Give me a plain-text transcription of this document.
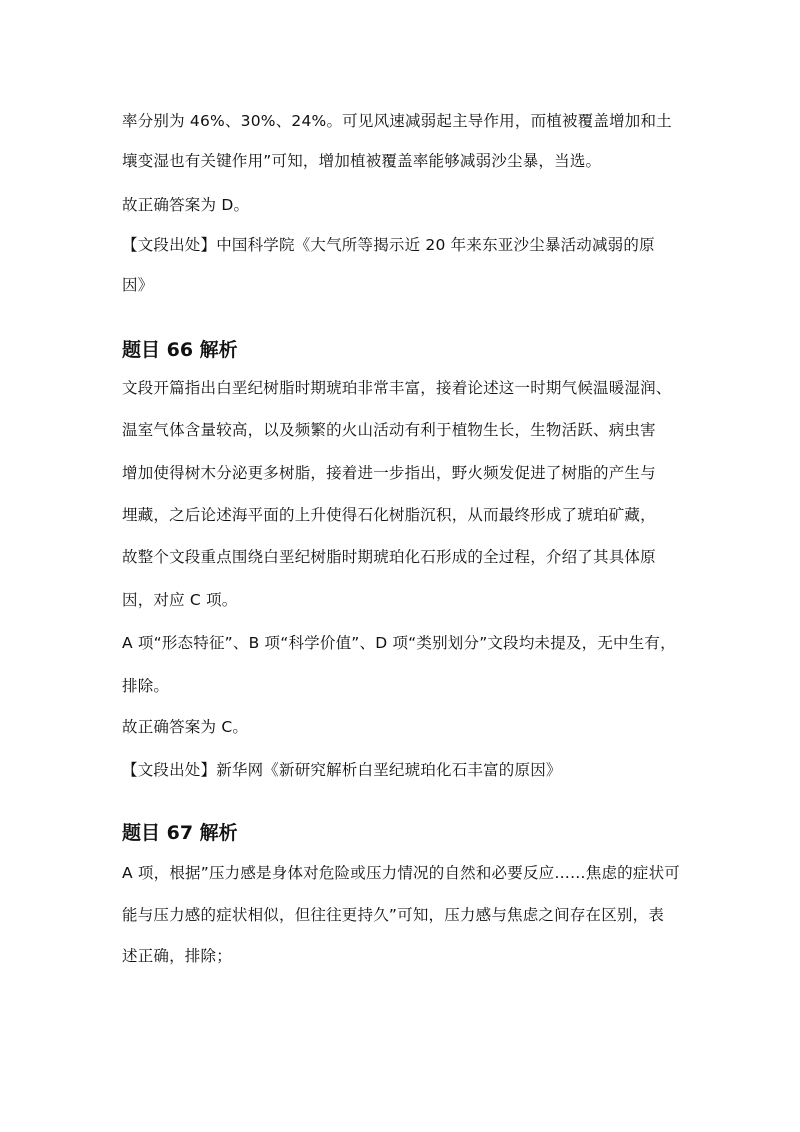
率分别为 46%、30%、24%。可见风速减弱起主导作用，而植被覆盖增加和土
壤变湿也有关键作用”可知，增加植被覆盖率能够减弱沙尘暴，当选。
故正确答案为 D。
【文段出处】中国科学院《大气所等揭示近 20 年来东亚沙尘暴活动减弱的原
因》
题目 66 解析
文段开篇指出白垩纪树脂时期琥珀非常丰富，接着论述这一时期气候温暖湿润、
温室气体含量较高，以及频繁的火山活动有利于植物生长，生物活跃、病虫害
增加使得树木分泌更多树脂，接着进一步指出，野火频发促进了树脂的产生与
埋藏，之后论述海平面的上升使得石化树脂沉积，从而最终形成了琥珀矿藏，
故整个文段重点围绕白垩纪树脂时期琥珀化石形成的全过程，介绍了其具体原
因，对应 C 项。
A 项“形态特征”、B 项“科学价值”、D 项“类别划分”文段均未提及，无中生有，
排除。
故正确答案为 C。
【文段出处】新华网《新研究解析白垩纪琥珀化石丰富的原因》
题目 67 解析
A 项，根据”压力感是身体对危险或压力情况的自然和必要反应……焦虑的症状可
能与压力感的症状相似，但往往更持久”可知，压力感与焦虑之间存在区别，表
述正确，排除；
